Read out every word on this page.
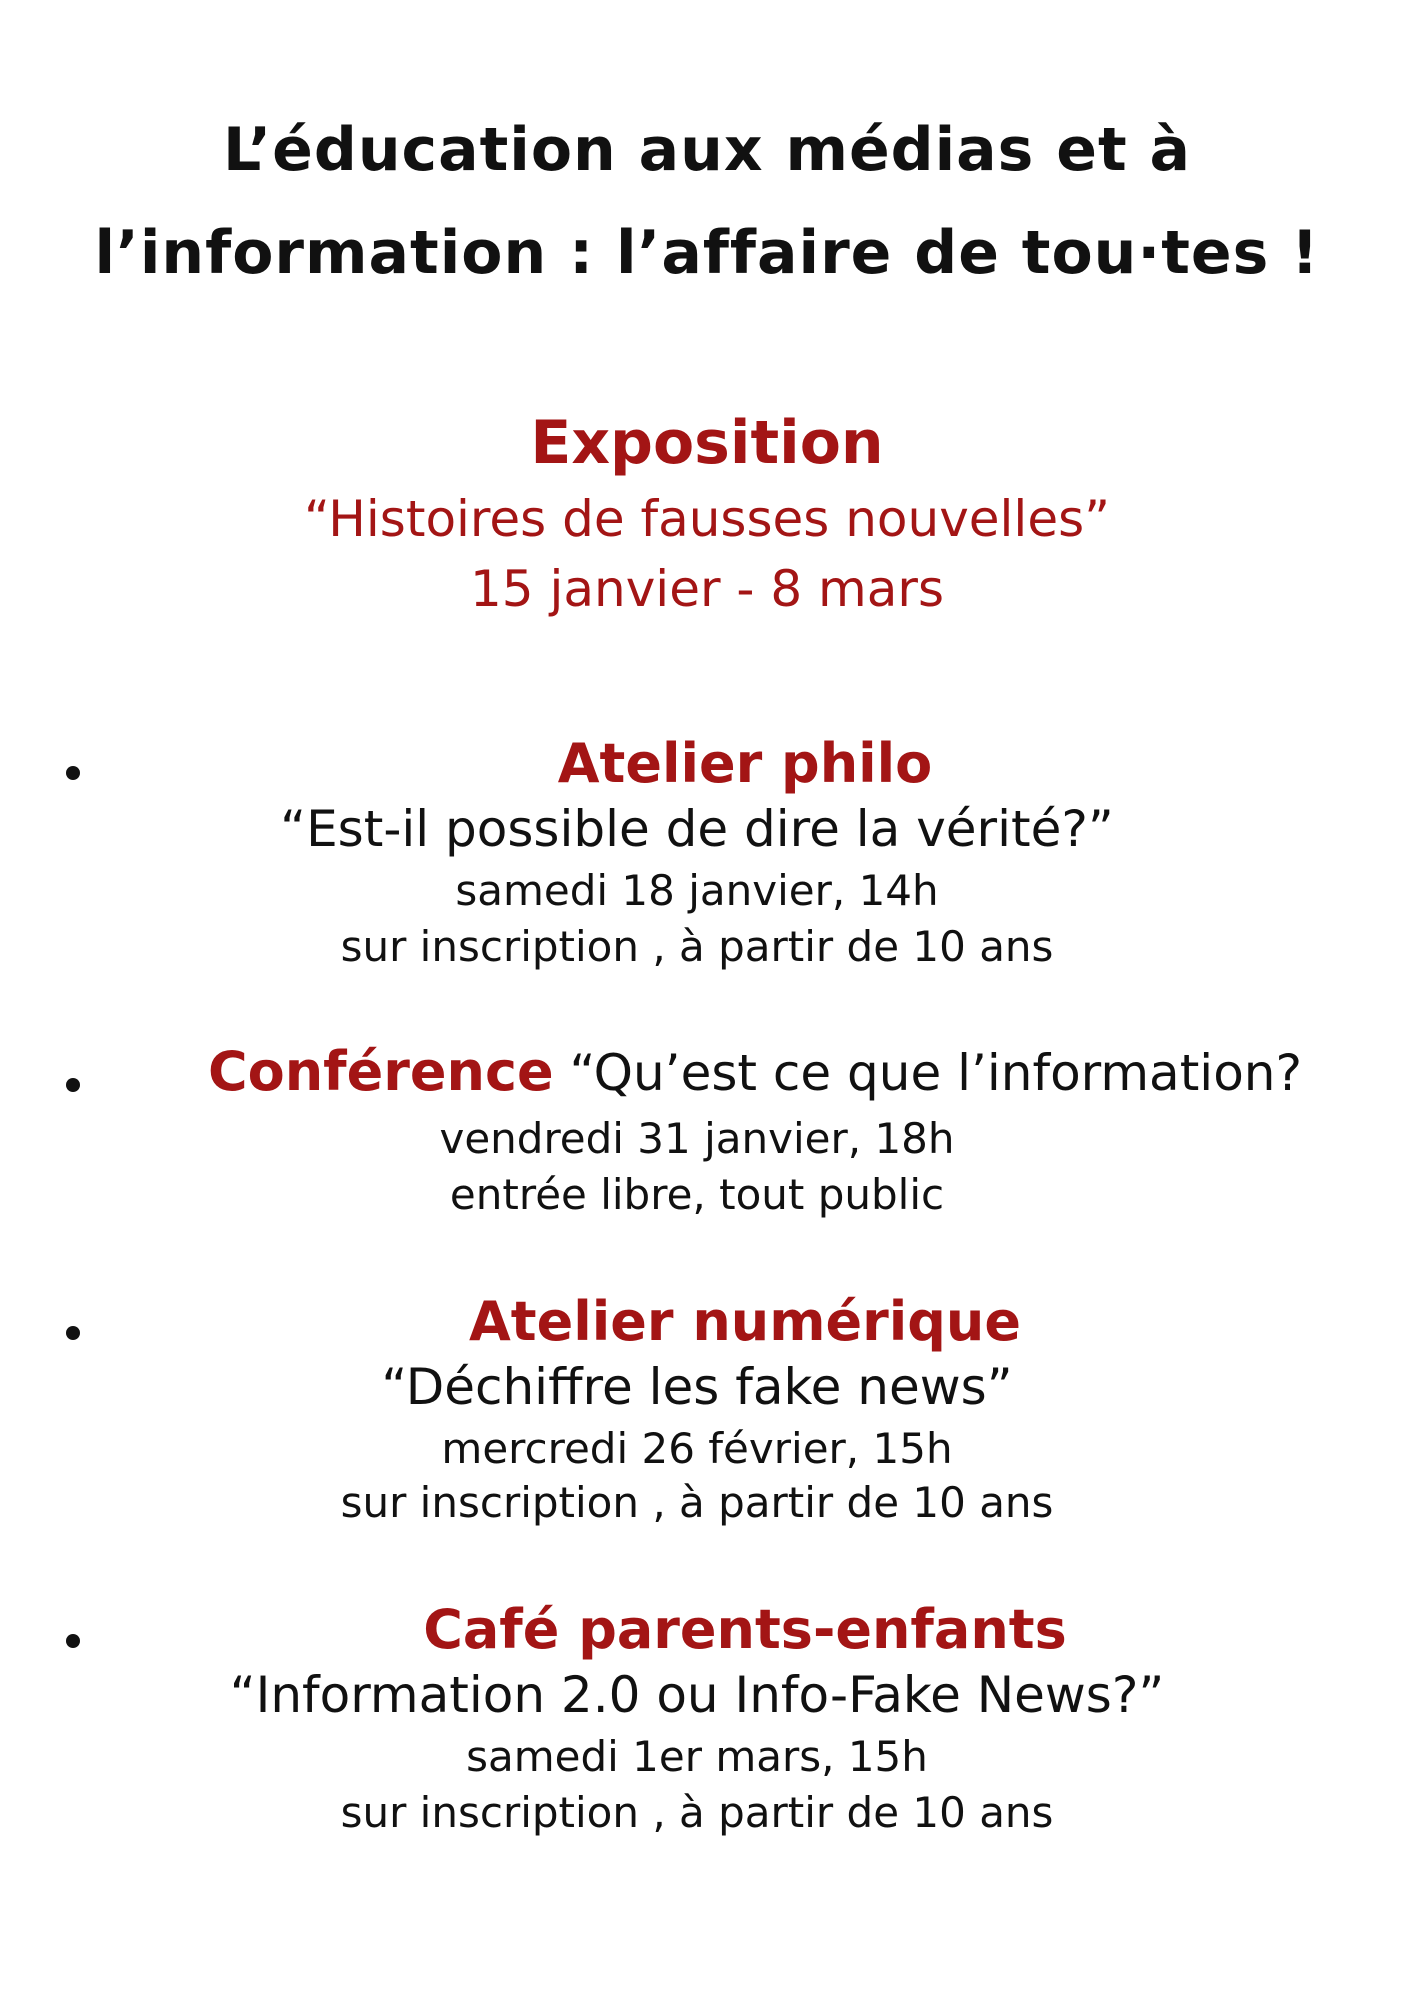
L’éducation aux médias et à
l’information : l’affaire de tou·tes !
Exposition
“Histoires de fausses nouvelles”
15 janvier - 8 mars
Atelier philo
“Est-il possible de dire la vérité?”
samedi 18 janvier, 14h
sur inscription , à partir de 10 ans
Conférence “Qu’est ce que l’information?
vendredi 31 janvier, 18h
entrée libre, tout public
Atelier numérique
“Déchiffre les fake news”
mercredi 26 février, 15h
sur inscription , à partir de 10 ans
Café parents-enfants
“Information 2.0 ou Info-Fake News?”
samedi 1er mars, 15h
sur inscription , à partir de 10 ans
